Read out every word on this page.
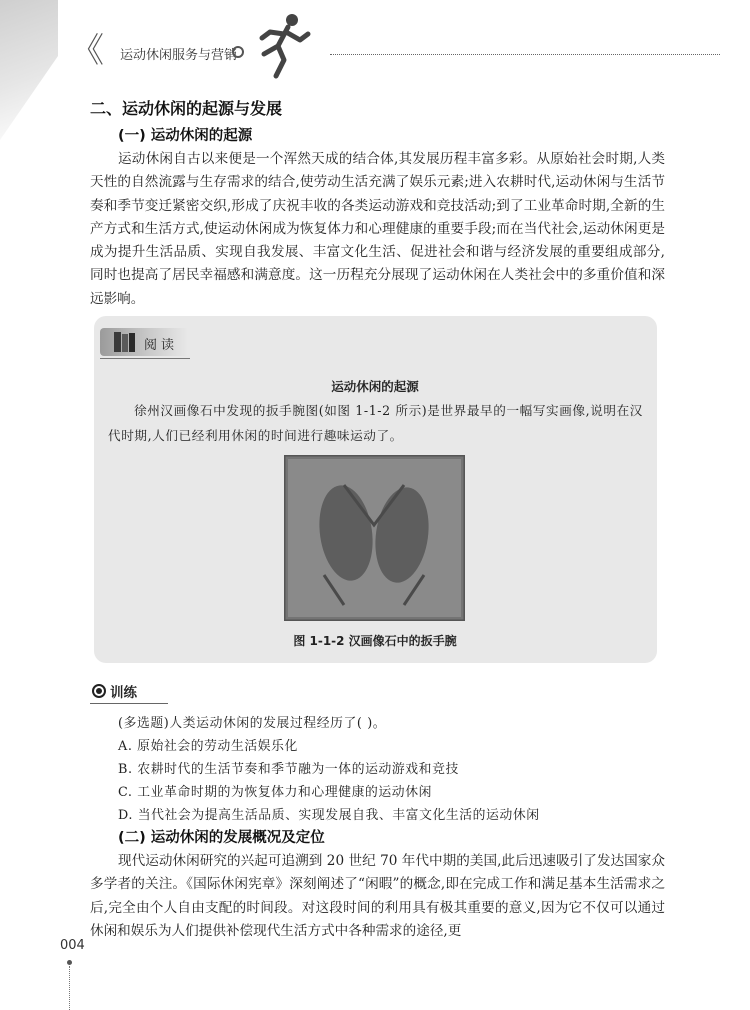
《 运动休闲服务与营销
二、运动休闲的起源与发展
(一) 运动休闲的起源

运动休闲自古以来便是一个浑然天成的结合体,其发展历程丰富多彩。从原始社会时期,人类天性的自然流露与生存需求的结合,使劳动生活充满了娱乐元素;进入农耕时代,运动休闲与生活节奏和季节变迁紧密交织,形成了庆祝丰收的各类运动游戏和竞技活动;到了工业革命时期,全新的生产方式和生活方式,使运动休闲成为恢复体力和心理健康的重要手段;而在当代社会,运动休闲更是成为提升生活品质、实现自我发展、丰富文化生活、促进社会和谐与经济发展的重要组成部分,同时也提高了居民幸福感和满意度。这一历程充分展现了运动休闲在人类社会中的多重价值和深远影响。

阅读
运动休闲的起源

徐州汉画像石中发现的扳手腕图(如图 1-1-2 所示)是世界最早的一幅写实画像,说明在汉代时期,人们已经利用休闲的时间进行趣味运动了。

图 1-1-2 汉画像石中的扳手腕
训练
(多选题)人类运动休闲的发展过程经历了( )。
A. 原始社会的劳动生活娱乐化
B. 农耕时代的生活节奏和季节融为一体的运动游戏和竞技
C. 工业革命时期的为恢复体力和心理健康的运动休闲
D. 当代社会为提高生活品质、实现发展自我、丰富文化生活的运动休闲
(二) 运动休闲的发展概况及定位

现代运动休闲研究的兴起可追溯到 20 世纪 70 年代中期的美国,此后迅速吸引了发达国家众多学者的关注。《国际休闲宪章》深刻阐述了“闲暇”的概念,即在完成工作和满足基本生活需求之后,完全由个人自由支配的时间段。对这段时间的利用具有极其重要的意义,因为它不仅可以通过休闲和娱乐为人们提供补偿现代生活方式中各种需求的途径,更

004
